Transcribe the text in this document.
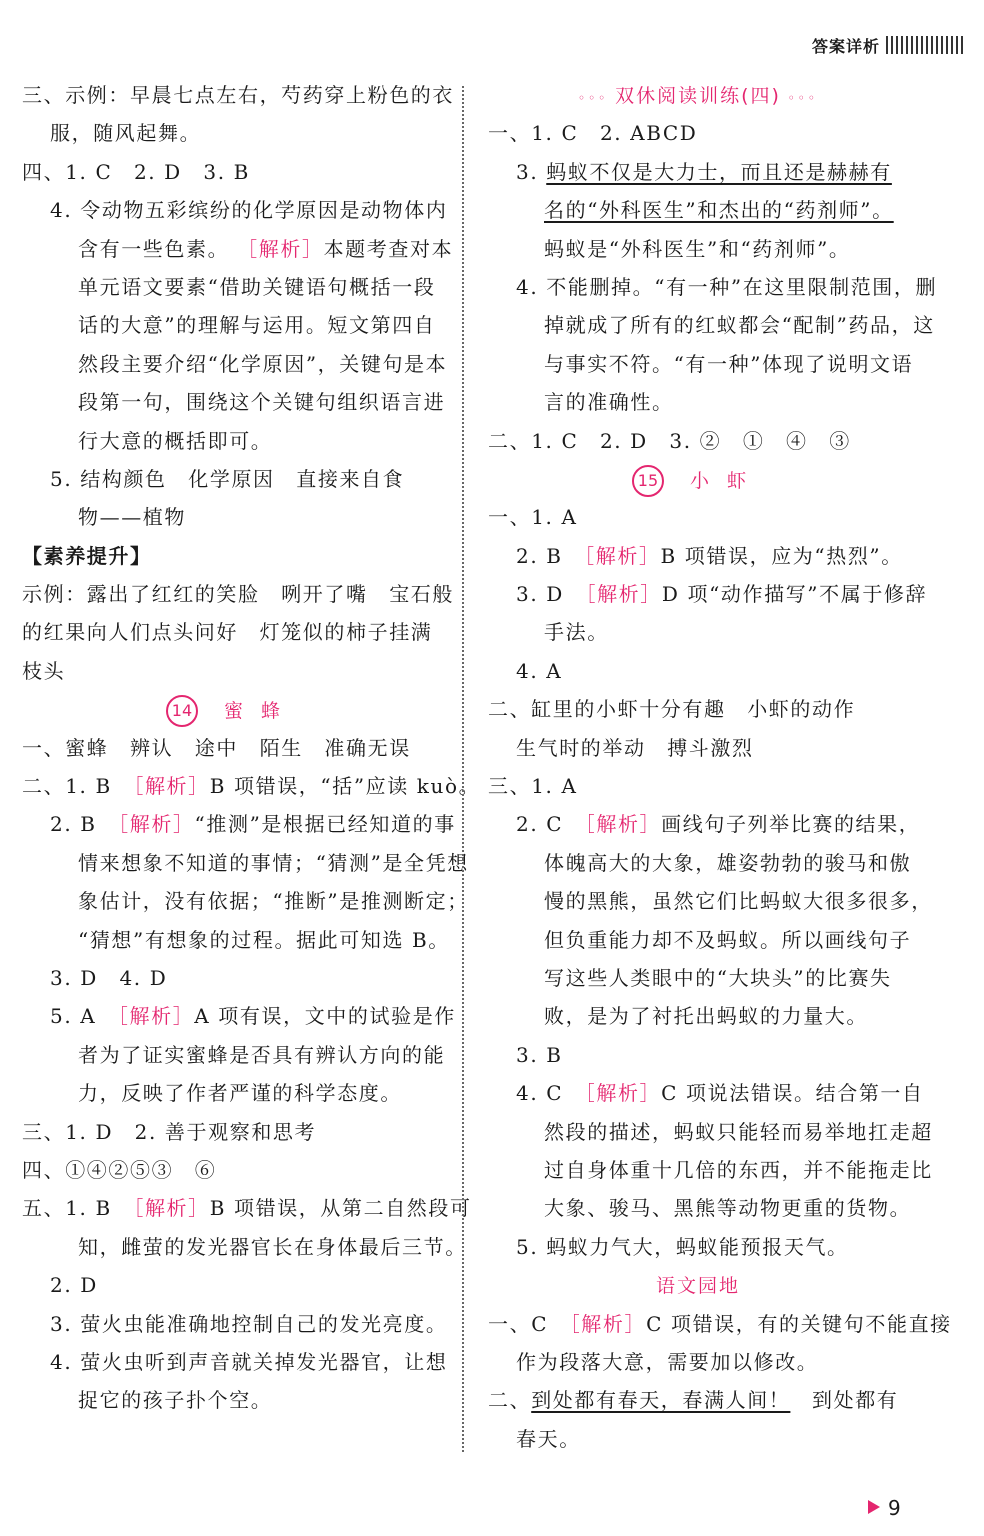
答案详析
三、示例：早晨七点左右，芍药穿上粉色的衣
服，随风起舞。
四、1. C　2. D　3. B
4. 令动物五彩缤纷的化学原因是动物体内
含有一些色素。 ［解析］本题考查对本
单元语文要素“借助关键语句概括一段
话的大意”的理解与运用。短文第四自
然段主要介绍“化学原因”，关键句是本
段第一句，围绕这个关键句组织语言进
行大意的概括即可。
5. 结构颜色　化学原因　直接来自食
物——植物
【素养提升】
示例：露出了红红的笑脸　咧开了嘴　宝石般
的红果向人们点头问好　灯笼似的柿子挂满
枝头
14	蜜蜂
一、蜜蜂　辨认　途中　陌生　准确无误
二、1. B　［解析］B 项错误，“括”应读 kuò。
2. B　［解析］“推测”是根据已经知道的事
情来想象不知道的事情；“猜测”是全凭想
象估计，没有依据；“推断”是推测断定；
“猜想”有想象的过程。据此可知选 B。
3. D　4. D
5. A　［解析］A 项有误，文中的试验是作
者为了证实蜜蜂是否具有辨认方向的能
力，反映了作者严谨的科学态度。
三、1. D　2. 善于观察和思考
四、①④②⑤③　⑥
五、1. B　［解析］B 项错误，从第二自然段可
知，雌萤的发光器官长在身体最后三节。
2. D
3. 萤火虫能准确地控制自己的发光亮度。
4. 萤火虫听到声音就关掉发光器官，让想
捉它的孩子扑个空。
◦◦◦ 双休阅读训练(四) ◦◦◦
一、1. C　2. ABCD
3. 蚂蚁不仅是大力士，而且还是赫赫有
名的“外科医生”和杰出的“药剂师”。
蚂蚁是“外科医生”和“药剂师”。
4. 不能删掉。“有一种”在这里限制范围，删
掉就成了所有的红蚁都会“配制”药品，这
与事实不符。“有一种”体现了说明文语
言的准确性。
二、1. C　2. D　3. ②　①　④　③
15	小虾
一、1. A
2. B　［解析］B 项错误，应为“热烈”。
3. D　［解析］D 项“动作描写”不属于修辞
手法。
4. A
二、缸里的小虾十分有趣　小虾的动作
生气时的举动　搏斗激烈
三、1. A
2. C　［解析］画线句子列举比赛的结果，
体魄高大的大象，雄姿勃勃的骏马和傲
慢的黑熊，虽然它们比蚂蚁大很多很多，
但负重能力却不及蚂蚁。所以画线句子
写这些人类眼中的“大块头”的比赛失
败，是为了衬托出蚂蚁的力量大。
3. B
4. C　［解析］C 项说法错误。结合第一自
然段的描述，蚂蚁只能轻而易举地扛走超
过自身体重十几倍的东西，并不能拖走比
大象、骏马、黑熊等动物更重的货物。
5. 蚂蚁力气大，蚂蚁能预报天气。
语文园地
一、C　［解析］C 项错误，有的关键句不能直接
作为段落大意，需要加以修改。
二、到处都有春天，春满人间！　到处都有
春天。
9
